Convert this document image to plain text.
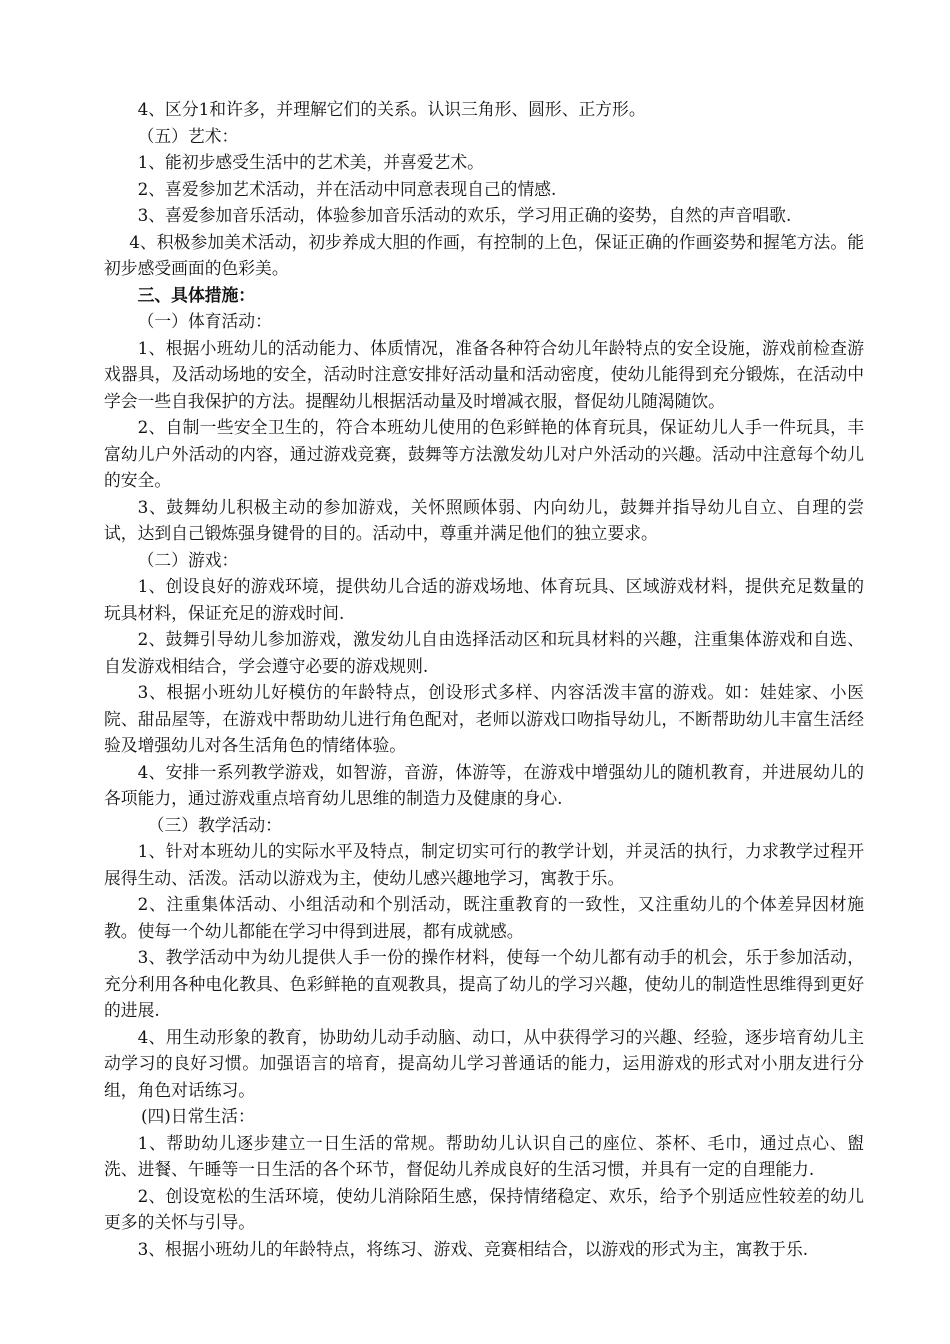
4、区分1和许多，并理解它们的关系。认识三角形、圆形、正方形。

（五）艺术：

1、能初步感受生活中的艺术美，并喜爱艺术。

2、喜爱参加艺术活动，并在活动中同意表现自己的情感.

3、喜爱参加音乐活动，体验参加音乐活动的欢乐，学习用正确的姿势，自然的声音唱歌.

4、积极参加美术活动，初步养成大胆的作画，有控制的上色，保证正确的作画姿势和握笔方法。能初步感受画面的色彩美。

三、具体措施：

（一）体育活动：

1、根据小班幼儿的活动能力、体质情况，准备各种符合幼儿年龄特点的安全设施，游戏前检查游戏器具，及活动场地的安全，活动时注意安排好活动量和活动密度，使幼儿能得到充分锻炼，在活动中学会一些自我保护的方法。提醒幼儿根据活动量及时增减衣服，督促幼儿随渴随饮。

2、自制一些安全卫生的，符合本班幼儿使用的色彩鲜艳的体育玩具，保证幼儿人手一件玩具，丰富幼儿户外活动的内容，通过游戏竞赛，鼓舞等方法激发幼儿对户外活动的兴趣。活动中注意每个幼儿的安全。

3、鼓舞幼儿积极主动的参加游戏，关怀照顾体弱、内向幼儿，鼓舞并指导幼儿自立、自理的尝试，达到自己锻炼强身键骨的目的。活动中，尊重并满足他们的独立要求。

（二）游戏：

1、创设良好的游戏环境，提供幼儿合适的游戏场地、体育玩具、区域游戏材料，提供充足数量的玩具材料，保证充足的游戏时间.

2、鼓舞引导幼儿参加游戏，激发幼儿自由选择活动区和玩具材料的兴趣，注重集体游戏和自选、自发游戏相结合，学会遵守必要的游戏规则.

3、根据小班幼儿好模仿的年龄特点，创设形式多样、内容活泼丰富的游戏。如：娃娃家、小医院、甜品屋等，在游戏中帮助幼儿进行角色配对，老师以游戏口吻指导幼儿，不断帮助幼儿丰富生活经验及增强幼儿对各生活角色的情绪体验。

4、安排一系列教学游戏，如智游，音游，体游等，在游戏中增强幼儿的随机教育，并进展幼儿的各项能力，通过游戏重点培育幼儿思维的制造力及健康的身心.

（三）教学活动：

1、针对本班幼儿的实际水平及特点，制定切实可行的教学计划，并灵活的执行，力求教学过程开展得生动、活泼。活动以游戏为主，使幼儿感兴趣地学习，寓教于乐。

2、注重集体活动、小组活动和个别活动，既注重教育的一致性，又注重幼儿的个体差异因材施教。使每一个幼儿都能在学习中得到进展，都有成就感。

3、教学活动中为幼儿提供人手一份的操作材料，使每一个幼儿都有动手的机会，乐于参加活动，充分利用各种电化教具、色彩鲜艳的直观教具，提高了幼儿的学习兴趣，使幼儿的制造性思维得到更好的进展.

4、用生动形象的教育，协助幼儿动手动脑、动口，从中获得学习的兴趣、经验，逐步培育幼儿主动学习的良好习惯。加强语言的培育，提高幼儿学习普通话的能力，运用游戏的形式对小朋友进行分组，角色对话练习。

(四)日常生活：

1、帮助幼儿逐步建立一日生活的常规。帮助幼儿认识自己的座位、茶杯、毛巾，通过点心、盥洗、进餐、午睡等一日生活的各个环节，督促幼儿养成良好的生活习惯，并具有一定的自理能力.

2、创设宽松的生活环境，使幼儿消除陌生感，保持情绪稳定、欢乐，给予个别适应性较差的幼儿更多的关怀与引导。

3、根据小班幼儿的年龄特点，将练习、游戏、竞赛相结合，以游戏的形式为主，寓教于乐.
